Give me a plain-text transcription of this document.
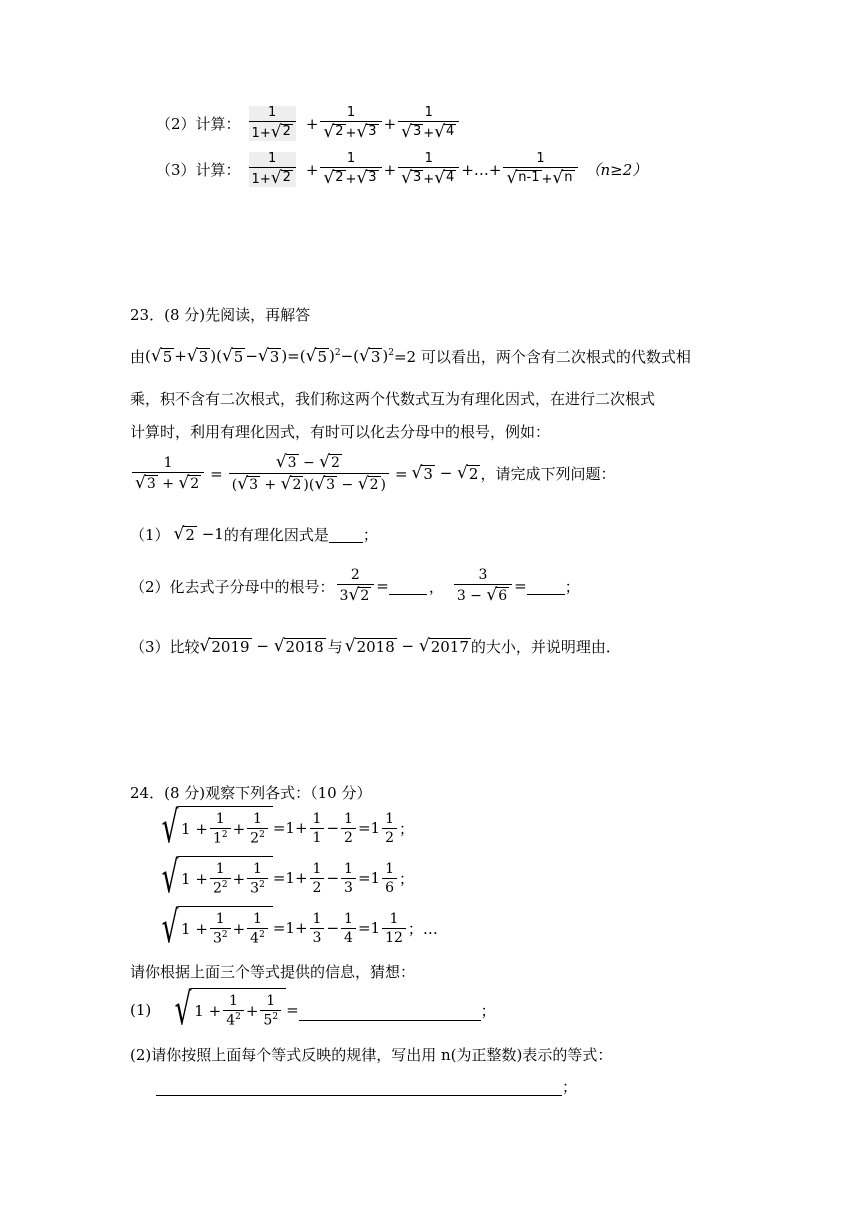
（2）计算： $\frac{1}{1+ √ 2} + \frac{1}{√ 2 + √ 3} + \frac{1}{√ 3 + √ 4}$
（3）计算： $\frac{1}{1+ √ 2} + \frac{1}{√ 2 + √ 3} + \frac{1}{√ 3 + √ 4}$ +…+ $\frac{1}{√ n-1 + √ n} (n\ge 2)$
23．(8 分)先阅读，再解答
由 ( √ 5 + √ 3 )( √ 5 − √ 3 )=( √ 5 )$^2$−( √ 3 )$^2$ =2 可以看出，两个含有二次根式的代数式相
乘，积不含有二次根式，我们称这两个代数式互为有理化因式，在进行二次根式
计算时，利用有理化因式，有时可以化去分母中的根号，例如：
$\frac{1}{√ 3 + √ 2} = \frac{√ 3 - √ 2}{( √ 3 + √ 2 )( √ 3 - √ 2 )}$ = √ 3 − √ 2 ，请完成下列问题：
（1） √ 2 −1 的有理化因式是 ；
（2）化去式子分母中的根号： $\frac{2}{3 √ 2}$ =	， $\frac{3}{3 - √ 6}$ =	；
（3）比较 √ 2019 − √ 2018 与 √ 2018 − √ 2017 的大小，并说明理由．
24．(8 分)观察下列各式：（10 分）
√ $1 + \frac{1}{1^2} + \frac{1}{2^2} =1+ \frac{1}{1} - \frac{1}{2} =1 \frac{1}{2}$ ；
√ $1 + \frac{1}{2^2} + \frac{1}{3^2} =1+ \frac{1}{2} - \frac{1}{3} =1 \frac{1}{6}$ ；
√ $1 + \frac{1}{3^2} + \frac{1}{4^2} =1+ \frac{1}{3} - \frac{1}{4} =1 \frac{1}{12}$ ；…
请你根据上面三个等式提供的信息，猜想：
(1) √ $1 + \frac{1}{4^2} + \frac{1}{5^2}$ =	；
(2)请你按照上面每个等式反映的规律，写出用 n(为正整数)表示的等式：
；
